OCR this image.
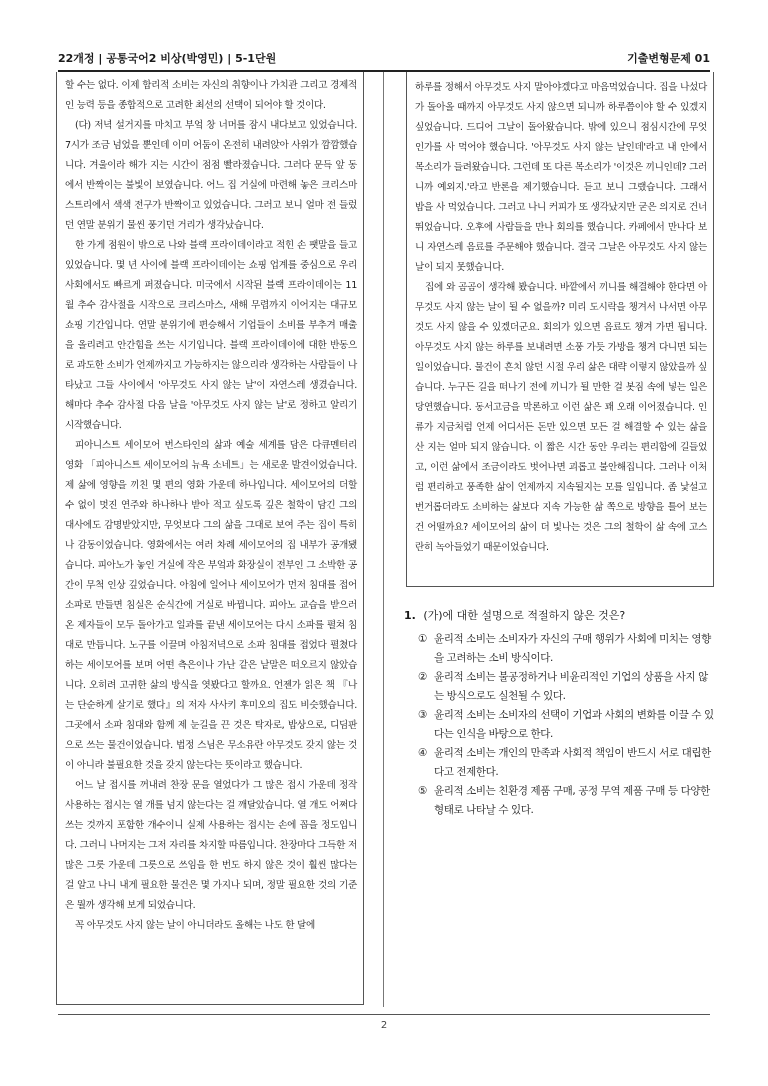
22개정 | 공통국어2 비상(박영민) | 5-1단원	기출변형문제 01

할 수는 없다. 이제 합리적 소비는 자신의 취향이나 가치관 그리고 경제적인 능력 등을 종합적으로 고려한 최선의 선택이 되어야 할 것이다.

(다) 저녁 설거지를 마치고 부엌 창 너머를 잠시 내다보고 있었습니다. 7시가 조금 넘었을 뿐인데 이미 어둠이 온전히 내려앉아 사위가 깜깜했습니다. 겨울이라 해가 지는 시간이 점점 빨라졌습니다. 그러다 문득 앞 동에서 반짝이는 불빛이 보였습니다. 어느 집 거실에 마련해 놓은 크리스마스트리에서 색색 전구가 반짝이고 있었습니다. 그러고 보니 얼마 전 들렀던 연말 분위기 물씬 풍기던 거리가 생각났습니다.

한 가게 점원이 밖으로 나와 블랙 프라이데이라고 적힌 손 팻말을 들고 있었습니다. 몇 년 사이에 블랙 프라이데이는 쇼핑 업계를 중심으로 우리 사회에서도 빠르게 퍼졌습니다. 미국에서 시작된 블랙 프라이데이는 11월 추수 감사절을 시작으로 크리스마스, 새해 무렵까지 이어지는 대규모 쇼핑 기간입니다. 연말 분위기에 편승해서 기업들이 소비를 부추겨 매출을 올리려고 안간힘을 쓰는 시기입니다. 블랙 프라이데이에 대한 반동으로 과도한 소비가 언제까지고 가능하지는 않으리라 생각하는 사람들이 나타났고 그들 사이에서 '아무것도 사지 않는 날'이 자연스레 생겼습니다. 해마다 추수 감사절 다음 날을 '아무것도 사지 않는 날'로 정하고 알리기 시작했습니다.

피아니스트 세이모어 번스타인의 삶과 예술 세계를 담은 다큐멘터리 영화 「피아니스트 세이모어의 뉴욕 소네트」는 새로운 발견이었습니다. 제 삶에 영향을 끼친 몇 편의 영화 가운데 하나입니다. 세이모어의 더할 수 없이 멋진 연주와 하나하나 받아 적고 싶도록 깊은 철학이 담긴 그의 대사에도 감명받았지만, 무엇보다 그의 삶을 그대로 보여 주는 집이 특히나 감동이었습니다. 영화에서는 여러 차례 세이모어의 집 내부가 공개됐습니다. 피아노가 놓인 거실에 작은 부엌과 화장실이 전부인 그 소박한 공간이 무척 인상 깊었습니다. 아침에 일어나 세이모어가 먼저 침대를 접어 소파로 만들면 침실은 순식간에 거실로 바뀝니다. 피아노 교습을 받으러 온 제자들이 모두 돌아가고 일과를 끝낸 세이모어는 다시 소파를 펼쳐 침대로 만듭니다. 노구를 이끌며 아침저녁으로 소파 침대를 접었다 펼쳤다 하는 세이모어를 보며 어떤 측은이나 가난 같은 낱말은 떠오르지 않았습니다. 오히려 고귀한 삶의 방식을 엿봤다고 할까요. 언젠가 읽은 책 『나는 단순하게 살기로 했다』의 저자 사사키 후미오의 집도 비슷했습니다. 그곳에서 소파 침대와 함께 제 눈길을 끈 것은 탁자로, 밥상으로, 디딤판으로 쓰는 물건이었습니다. 법정 스님은 무소유란 아무것도 갖지 않는 것이 아니라 불필요한 것을 갖지 않는다는 뜻이라고 했습니다.

어느 날 접시를 꺼내려 찬장 문을 열었다가 그 많은 접시 가운데 정작 사용하는 접시는 열 개를 넘지 않는다는 걸 깨달았습니다. 열 개도 어쩌다 쓰는 것까지 포함한 개수이니 실제 사용하는 접시는 손에 꼽을 정도입니다. 그러니 나머지는 그저 자리를 차지할 따름입니다. 찬장마다 그득한 저 많은 그릇 가운데 그릇으로 쓰임을 한 번도 하지 않은 것이 훨씬 많다는 걸 알고 나니 내게 필요한 물건은 몇 가지나 되며, 정말 필요한 것의 기준은 뭘까 생각해 보게 되었습니다.

꼭 아무것도 사지 않는 날이 아니더라도 올해는 나도 한 달에

하루를 정해서 아무것도 사지 말아야겠다고 마음먹었습니다. 집을 나섰다가 돌아올 때까지 아무것도 사지 않으면 되니까 하루쯤이야 할 수 있겠지 싶었습니다. 드디어 그날이 돌아왔습니다. 밖에 있으니 점심시간에 무엇인가를 사 먹어야 했습니다. '아무것도 사지 않는 날인데'라고 내 안에서 목소리가 들려왔습니다. 그런데 또 다른 목소리가 '이것은 끼니인데? 그러니까 예외지.'라고 반론을 제기했습니다. 듣고 보니 그랬습니다. 그래서 밥을 사 먹었습니다. 그러고 나니 커피가 또 생각났지만 굳은 의지로 건너뛰었습니다. 오후에 사람들을 만나 회의를 했습니다. 카페에서 만나다 보니 자연스레 음료를 주문해야 했습니다. 결국 그날은 아무것도 사지 않는 날이 되지 못했습니다.

집에 와 곰곰이 생각해 봤습니다. 바깥에서 끼니를 해결해야 한다면 아무것도 사지 않는 날이 될 수 없을까? 미리 도시락을 챙겨서 나서면 아무것도 사지 않을 수 있겠더군요. 회의가 있으면 음료도 챙겨 가면 됩니다. 아무것도 사지 않는 하루를 보내려면 소풍 가듯 가방을 챙겨 다니면 되는 일이었습니다. 물건이 흔치 않던 시절 우리 삶은 대략 이렇지 않았을까 싶습니다. 누구든 길을 떠나기 전에 끼니가 될 만한 걸 봇짐 속에 넣는 일은 당연했습니다. 동서고금을 막론하고 이런 삶은 꽤 오래 이어졌습니다. 인류가 지금처럼 언제 어디서든 돈만 있으면 모든 걸 해결할 수 있는 삶을 산 지는 얼마 되지 않습니다. 이 짧은 시간 동안 우리는 편리함에 길들었고, 이런 삶에서 조금이라도 벗어나면 괴롭고 불안해집니다. 그러나 이처럼 편리하고 풍족한 삶이 언제까지 지속될지는 모를 일입니다. 좀 낯설고 번거롭더라도 소비하는 삶보다 지속 가능한 삶 쪽으로 방향을 틀어 보는 건 어떨까요? 세이모어의 삶이 더 빛나는 것은 그의 철학이 삶 속에 고스란히 녹아들었기 때문이었습니다.

1. (가)에 대한 설명으로 적절하지 않은 것은?
① 윤리적 소비는 소비자가 자신의 구매 행위가 사회에 미치는 영향을 고려하는 소비 방식이다.
② 윤리적 소비는 불공정하거나 비윤리적인 기업의 상품을 사지 않는 방식으로도 실천될 수 있다.
③ 윤리적 소비는 소비자의 선택이 기업과 사회의 변화를 이끌 수 있다는 인식을 바탕으로 한다.
④ 윤리적 소비는 개인의 만족과 사회적 책임이 반드시 서로 대립한다고 전제한다.
⑤ 윤리적 소비는 친환경 제품 구매, 공정 무역 제품 구매 등 다양한 형태로 나타날 수 있다.
2
